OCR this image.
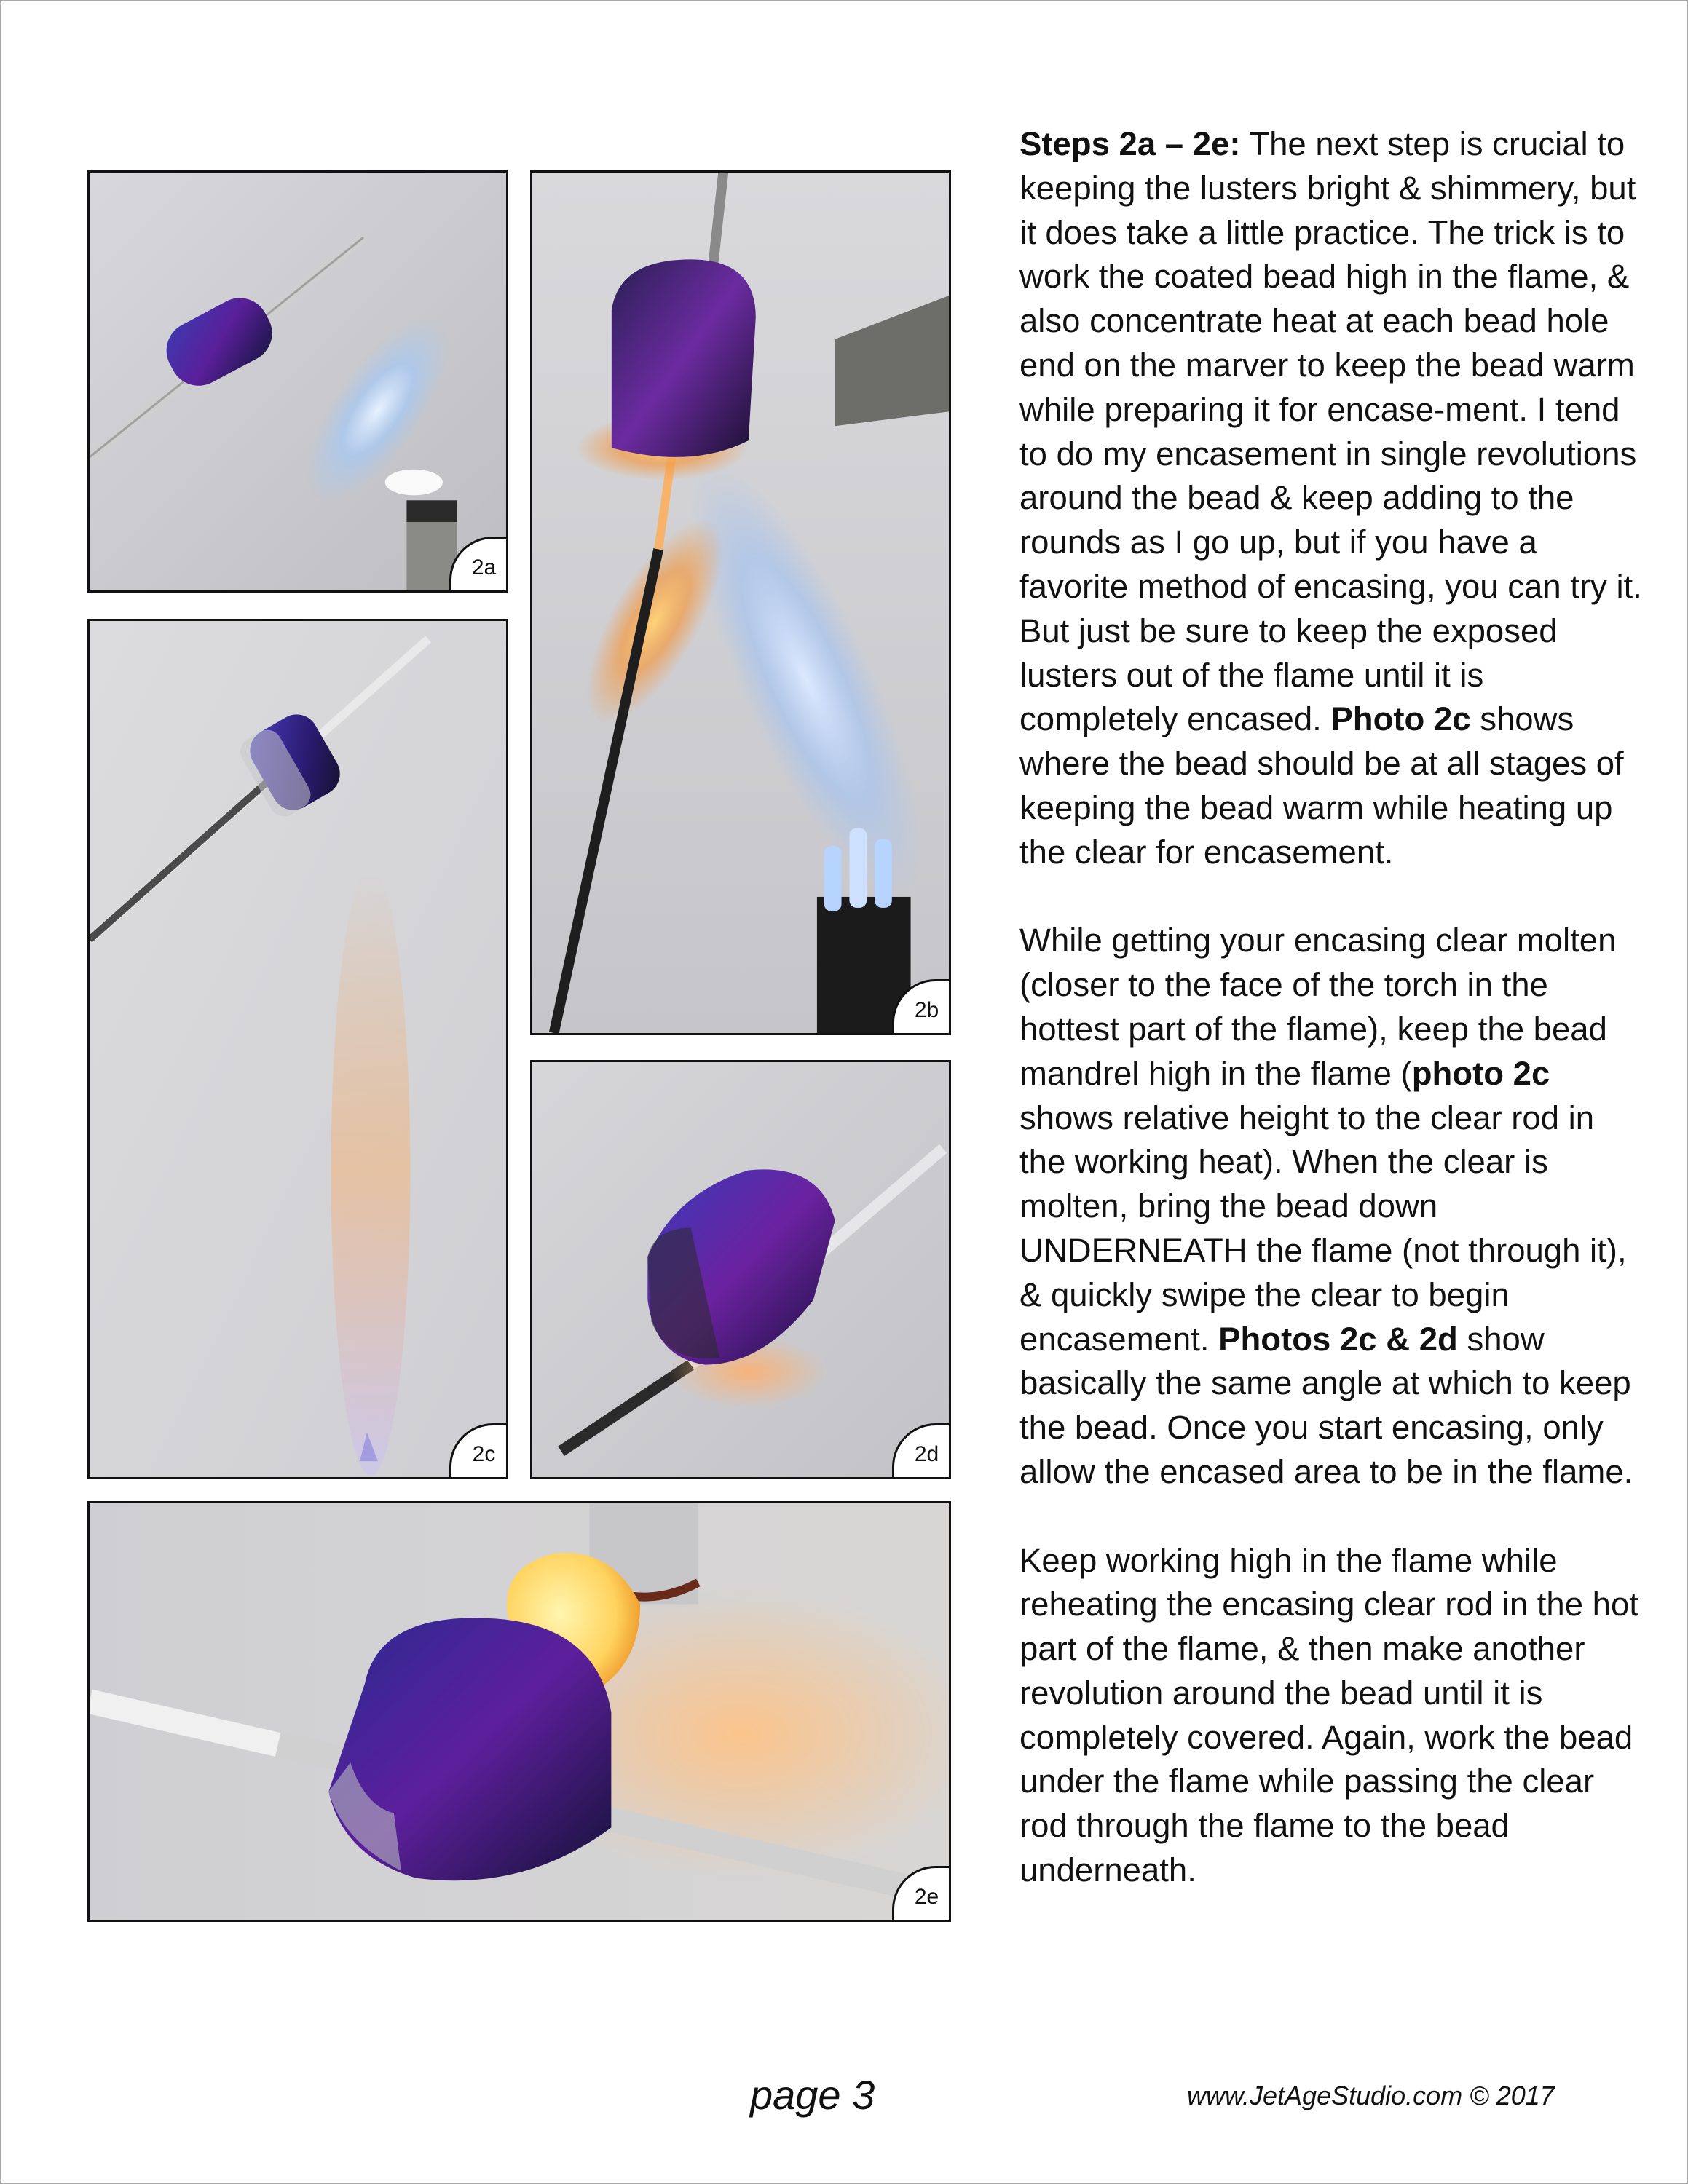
2a
2b
2c	2d
2e

Steps 2a – 2e: The next step is crucial to keeping the lusters bright & shimmery, but it does take a little practice. The trick is to work the coated bead high in the flame, & also concentrate heat at each bead hole end on the marver to keep the bead warm while preparing it for encase-ment. I tend to do my encasement in single revolutions around the bead & keep adding to the rounds as I go up, but if you have a favorite method of encasing, you can try it. But just be sure to keep the exposed lusters out of the flame until it is completely encased. Photo 2c shows where the bead should be at all stages of keeping the bead warm while heating up the clear for encasement.

While getting your encasing clear molten (closer to the face of the torch in the hottest part of the flame), keep the bead mandrel high in the flame (photo 2c shows relative height to the clear rod in the working heat). When the clear is molten, bring the bead down UNDERNEATH the flame (not through it), & quickly swipe the clear to begin encasement. Photos 2c & 2d show basically the same angle at which to keep the bead. Once you start encasing, only allow the encased area to be in the flame.

Keep working high in the flame while reheating the encasing clear rod in the hot part of the flame, & then make another revolution around the bead until it is completely covered. Again, work the bead under the flame while passing the clear rod through the flame to the bead underneath.

page 3	www.JetAgeStudio.com © 2017
